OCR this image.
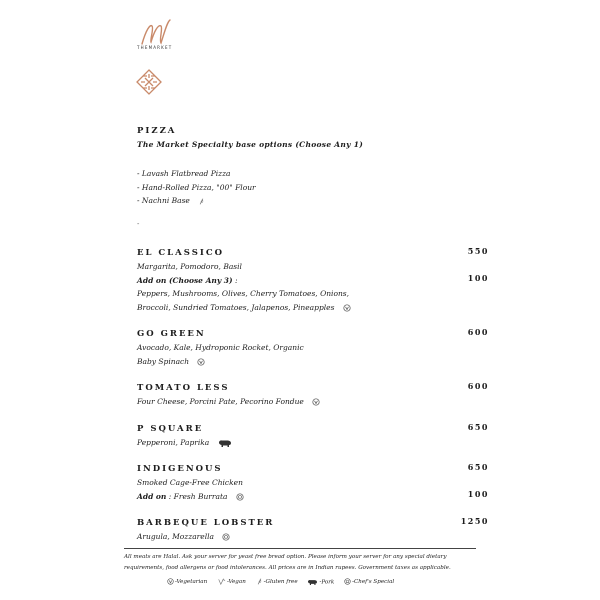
THEMARKET
PIZZA
The Market Specialty base options (Choose Any 1)
- Lavash Flatbread Pizza
- Hand-Rolled Pizza, "00" Flour
- Nachni Base
-
EL CLASSICO	550
Margarita, Pomodoro, Basil
Add on (Choose Any 3) :	100
Peppers, Mushrooms, Olives, Cherry Tomatoes, Onions,
Broccoli, Sundried Tomatoes, Jalapenos, Pineapples
GO GREEN	600
Avocado, Kale, Hydroponic Rocket, Organic
Baby Spinach
TOMATO LESS	600
Four Cheese, Porcini Pate, Pecorino Fondue
P SQUARE	650
Pepperoni, Paprika
INDIGENOUS	650
Smoked Cage-Free Chicken
Add on : Fresh Burrata	100
BARBEQUE LOBSTER	1250
Arugula, Mozzarella
All meats are Halal. Ask your server for yeast free bread option. Please inform your server for any special dietary requirements, food allergens or food intolerances. All prices are in Indian rupees. Government taxes as applicable.
-Vegetarian	-Vegan	-Gluten free	-Pork	-Chef's Special
